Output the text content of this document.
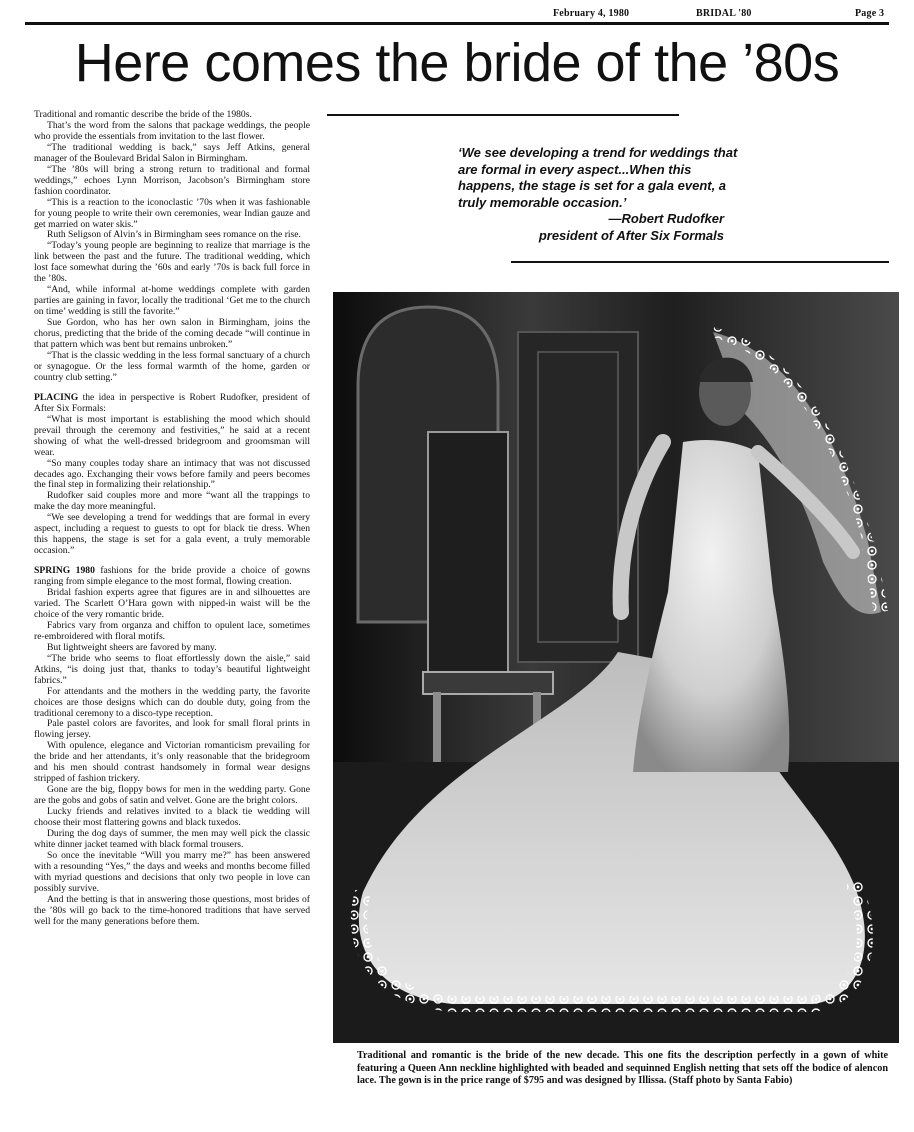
February 4, 1980	BRIDAL '80	Page 3
Here comes the bride of the ’80s

Traditional and romantic describe the bride of the 1980s.

That’s the word from the salons that package weddings, the people who provide the essentials from invitation to the last flower.

“The traditional wedding is back,” says Jeff Atkins, general manager of the Boulevard Bridal Salon in Birmingham.

“The ’80s will bring a strong return to traditional and formal weddings,” echoes Lynn Morrison, Jacobson’s Birmingham store fashion coordinator.

“This is a reaction to the iconoclastic ’70s when it was fashionable for young people to write their own ceremonies, wear Indian gauze and get married on water skis.”

Ruth Seligson of Alvin’s in Birmingham sees romance on the rise.

“Today’s young people are beginning to realize that marriage is the link between the past and the future. The traditional wedding, which lost face somewhat during the ’60s and early ’70s is back full force in the ’80s.

“And, while informal at-home weddings complete with garden parties are gaining in favor, locally the traditional ‘Get me to the church on time’ wedding is still the favorite.”

Sue Gordon, who has her own salon in Birmingham, joins the chorus, predicting that the bride of the coming decade “will continue in that pattern which was bent but remains unbroken.”

“That is the classic wedding in the less formal sanctuary of a church or synagogue. Or the less formal warmth of the home, garden or country club setting.”

PLACING the idea in perspective is Robert Rudofker, president of After Six Formals:

“What is most important is establishing the mood which should prevail through the ceremony and festivities,” he said at a recent showing of what the well-dressed bridegroom and groomsman will wear.

“So many couples today share an intimacy that was not discussed decades ago. Exchanging their vows before family and peers becomes the final step in formalizing their relationship.”

Rudofker said couples more and more “want all the trappings to make the day more meaningful.

“We see developing a trend for weddings that are formal in every aspect, including a request to guests to opt for black tie dress. When this happens, the stage is set for a gala event, a truly memorable occasion.”

SPRING 1980 fashions for the bride provide a choice of gowns ranging from simple elegance to the most formal, flowing creation.

Bridal fashion experts agree that figures are in and silhouettes are varied. The Scarlett O’Hara gown with nipped-in waist will be the choice of the very romantic bride.

Fabrics vary from organza and chiffon to opulent lace, sometimes re-embroidered with floral motifs.

But lightweight sheers are favored by many.

“The bride who seems to float effortlessly down the aisle,” said Atkins, “is doing just that, thanks to today’s beautiful lightweight fabrics.”

For attendants and the mothers in the wedding party, the favorite choices are those designs which can do double duty, going from the traditional ceremony to a disco-type reception.

Pale pastel colors are favorites, and look for small floral prints in flowing jersey.

With opulence, elegance and Victorian romanticism prevailing for the bride and her attendants, it’s only reasonable that the bridegroom and his men should contrast handsomely in formal wear designs stripped of fashion trickery.

Gone are the big, floppy bows for men in the wedding party. Gone are the gobs and gobs of satin and velvet. Gone are the bright colors.

Lucky friends and relatives invited to a black tie wedding will choose their most flattering gowns and black tuxedos.

During the dog days of summer, the men may well pick the classic white dinner jacket teamed with black formal trousers.

So once the inevitable “Will you marry me?” has been answered with a resounding “Yes,” the days and weeks and months become filled with myriad questions and decisions that only two people in love can possibly survive.

And the betting is that in answering those questions, most brides of the ’80s will go back to the time-honored traditions that have served well for the many generations before them.

‘We see developing a trend for weddings that are formal in every aspect...When this happens, the stage is set for a gala event, a truly memorable occasion.’
—Robert Rudofker
president of After Six Formals

Traditional and romantic is the bride of the new decade. This one fits the description perfectly in a gown of white featuring a Queen Ann neckline highlighted with beaded and sequinned English netting that sets off the bodice of alencon lace. The gown is in the price range of $795 and was designed by Illissa. (Staff photo by Santa Fabio)
